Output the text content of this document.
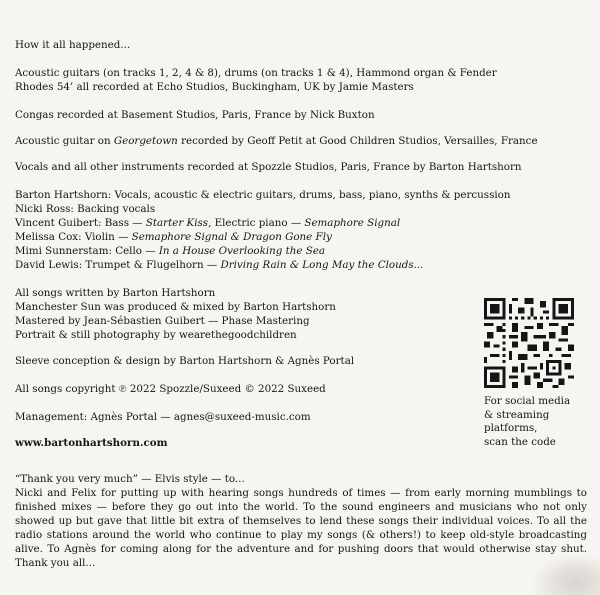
How it all happened...
Acoustic guitars (on tracks 1, 2, 4 & 8), drums (on tracks 1 & 4), Hammond organ & Fender
Rhodes 54’ all recorded at Echo Studios, Buckingham, UK by Jamie Masters
Congas recorded at Basement Studios, Paris, France by Nick Buxton
Acoustic guitar on Georgetown recorded by Geoff Petit at Good Children Studios, Versailles, France
Vocals and all other instruments recorded at Spozzle Studios, Paris, France by Barton Hartshorn
Barton Hartshorn: Vocals, acoustic & electric guitars, drums, bass, piano, synths & percussion
Nicki Ross: Backing vocals
Vincent Guibert: Bass — Starter Kiss, Electric piano — Semaphore Signal
Melissa Cox: Violin — Semaphore Signal & Dragon Gone Fly
Mimi Sunnerstam: Cello — In a House Overlooking the Sea
David Lewis: Trumpet & Flugelhorn — Driving Rain & Long May the Clouds...
All songs written by Barton Hartshorn
Manchester Sun was produced & mixed by Barton Hartshorn
Mastered by Jean-Sébastien Guibert — Phase Mastering
Portrait & still photography by wearethegoodchildren
Sleeve conception & design by Barton Hartshorn & Agnès Portal
All songs copyright ℗ 2022 Spozzle/Suxeed © 2022 Suxeed
Management: Agnès Portal — agnes@suxeed-music.com
www.bartonhartshorn.com
For social media
& streaming
platforms,
scan the code
“Thank you very much” — Elvis style — to...
Nicki and Felix for putting up with hearing songs hundreds of times — from early morning mumblings to finished mixes — before they go out into the world. To the sound engineers and musicians who not only showed up but gave that little bit extra of themselves to lend these songs their individual voices. To all the radio stations around the world who continue to play my songs (& others!) to keep old-style broadcasting alive. To Agnès for coming along for the adventure and for pushing doors that would otherwise stay shut. Thank you all...
